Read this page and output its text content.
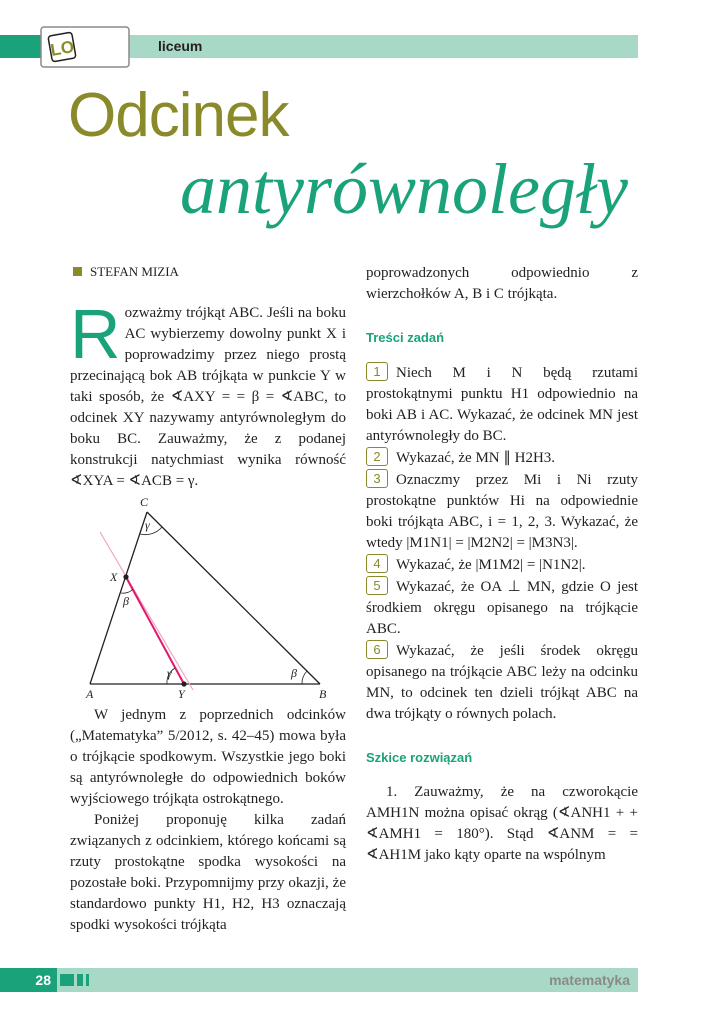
LO	liceum
Odcinek
antyrównoległy
STEFAN MIZIA
R ozważmy trójkąt ABC. Jeśli na boku AC wybierzemy dowolny punkt X i poprowadzimy przez niego prostą przecinającą bok AB trójkąta w punkcie Y w taki sposób, że ∢AXY = = β = ∢ABC, to odcinek XY nazywamy antyrównoległym do boku BC. Zauważmy, że z podanej konstrukcji natychmiast wynika równość ∢XYA = ∢ACB = γ.

C
X
A	Y	B
γ
β
γ	β

W jednym z poprzednich odcinków („Matematyka” 5/2012, s. 42–45) mowa była o trójkącie spodkowym. Wszystkie jego boki są antyrównoległe do odpowiednich boków wyjściowego trójkąta ostrokątnego.

Poniżej proponuję kilka zadań związanych z odcinkiem, którego końcami są rzuty prostokątne spodka wysokości na pozostałe boki. Przypomnijmy przy okazji, że standardowo punkty H1, H2, H3 oznaczają spodki wysokości trójkąta

poprowadzonych odpowiednio z wierzchołków A, B i C trójkąta.

Treści zadań

1 Niech M i N będą rzutami prostokątnymi punktu H1 odpowiednio na boki AB i AC. Wykazać, że odcinek MN jest antyrównoległy do BC.

2 Wykazać, że MN ∥ H2H3.

3 Oznaczmy przez Mi i Ni rzuty prostokątne punktów Hi na odpowiednie boki trójkąta ABC, i = 1, 2, 3. Wykazać, że wtedy |M1N1| = |M2N2| = |M3N3|.

4 Wykazać, że |M1M2| = |N1N2|.

5 Wykazać, że OA ⊥ MN, gdzie O jest środkiem okręgu opisanego na trójkącie ABC.

6 Wykazać, że jeśli środek okręgu opisanego na trójkącie ABC leży na odcinku MN, to odcinek ten dzieli trójkąt ABC na dwa trójkąty o równych polach.

Szkice rozwiązań

1. Zauważmy, że na czworokącie AMH1N można opisać okrąg (∢ANH1 + + ∢AMH1 = 180°). Stąd ∢ANM = = ∢AH1M jako kąty oparte na wspólnym

28	matematyka
